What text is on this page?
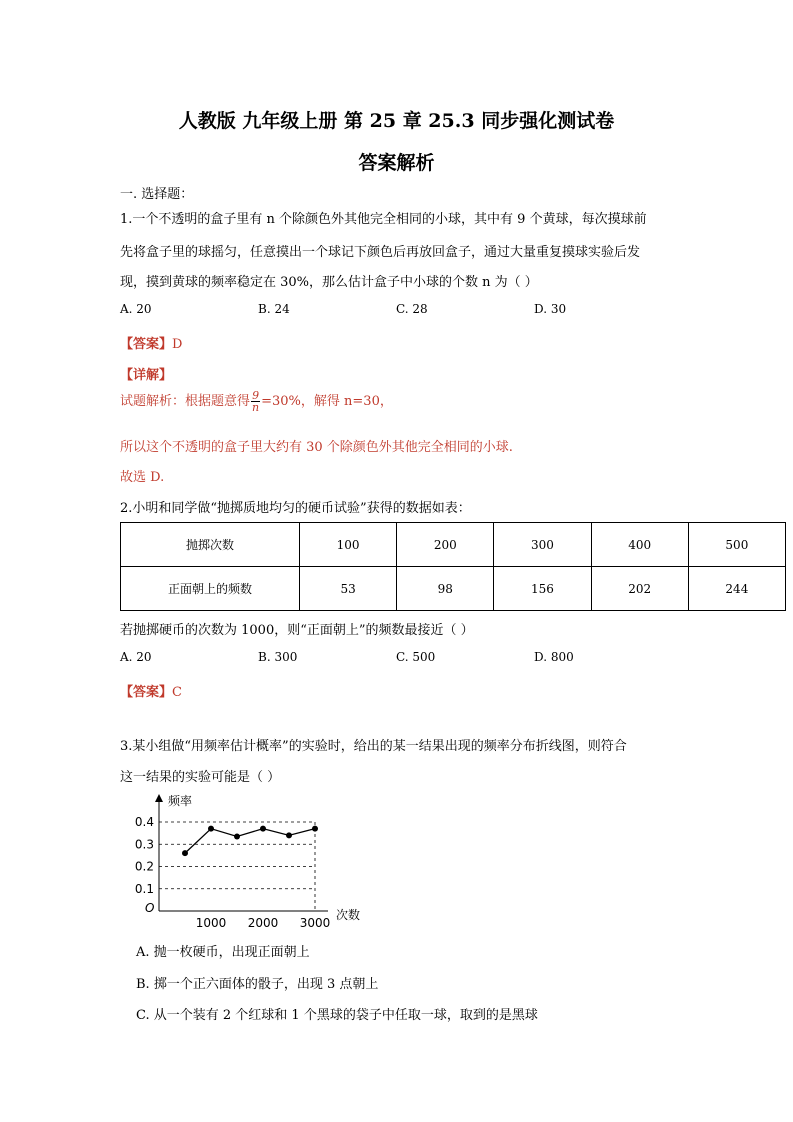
人教版 九年级上册 第 25 章 25.3 同步强化测试卷
答案解析
一. 选择题：
1.一个不透明的盒子里有 n 个除颜色外其他完全相同的小球，其中有 9 个黄球，每次摸球前
先将盒子里的球摇匀，任意摸出一个球记下颜色后再放回盒子，通过大量重复摸球实验后发
现，摸到黄球的频率稳定在 30%，那么估计盒子中小球的个数 n 为（ ）
A. 20	B. 24	C. 28	D. 30
【答案】D
【详解】
试题解析：根据题意得 $\frac{9}{n} =30\%$，解得 n=30，
所以这个不透明的盒子里大约有 30 个除颜色外其他完全相同的小球.
故选 D.
2.小明和同学做“抛掷质地均匀的硬币试验”获得的数据如表：
抛掷次数	100	200	300	400	500
正面朝上的频数	53	98	156	202	244
若抛掷硬币的次数为 1000，则“正面朝上”的频数最接近（ ）
A. 20	B. 300	C. 500	D. 800
【答案】C
3.某小组做“用频率估计概率”的实验时，给出的某一结果出现的频率分布折线图，则符合
这一结果的实验可能是（ ）
频率
次数
O
0.1
0.2
0.3
0.4
1000 2000 3000
A. 抛一枚硬币，出现正面朝上
B. 掷一个正六面体的骰子，出现 3 点朝上
C. 从一个装有 2 个红球和 1 个黑球的袋子中任取一球，取到的是黑球
